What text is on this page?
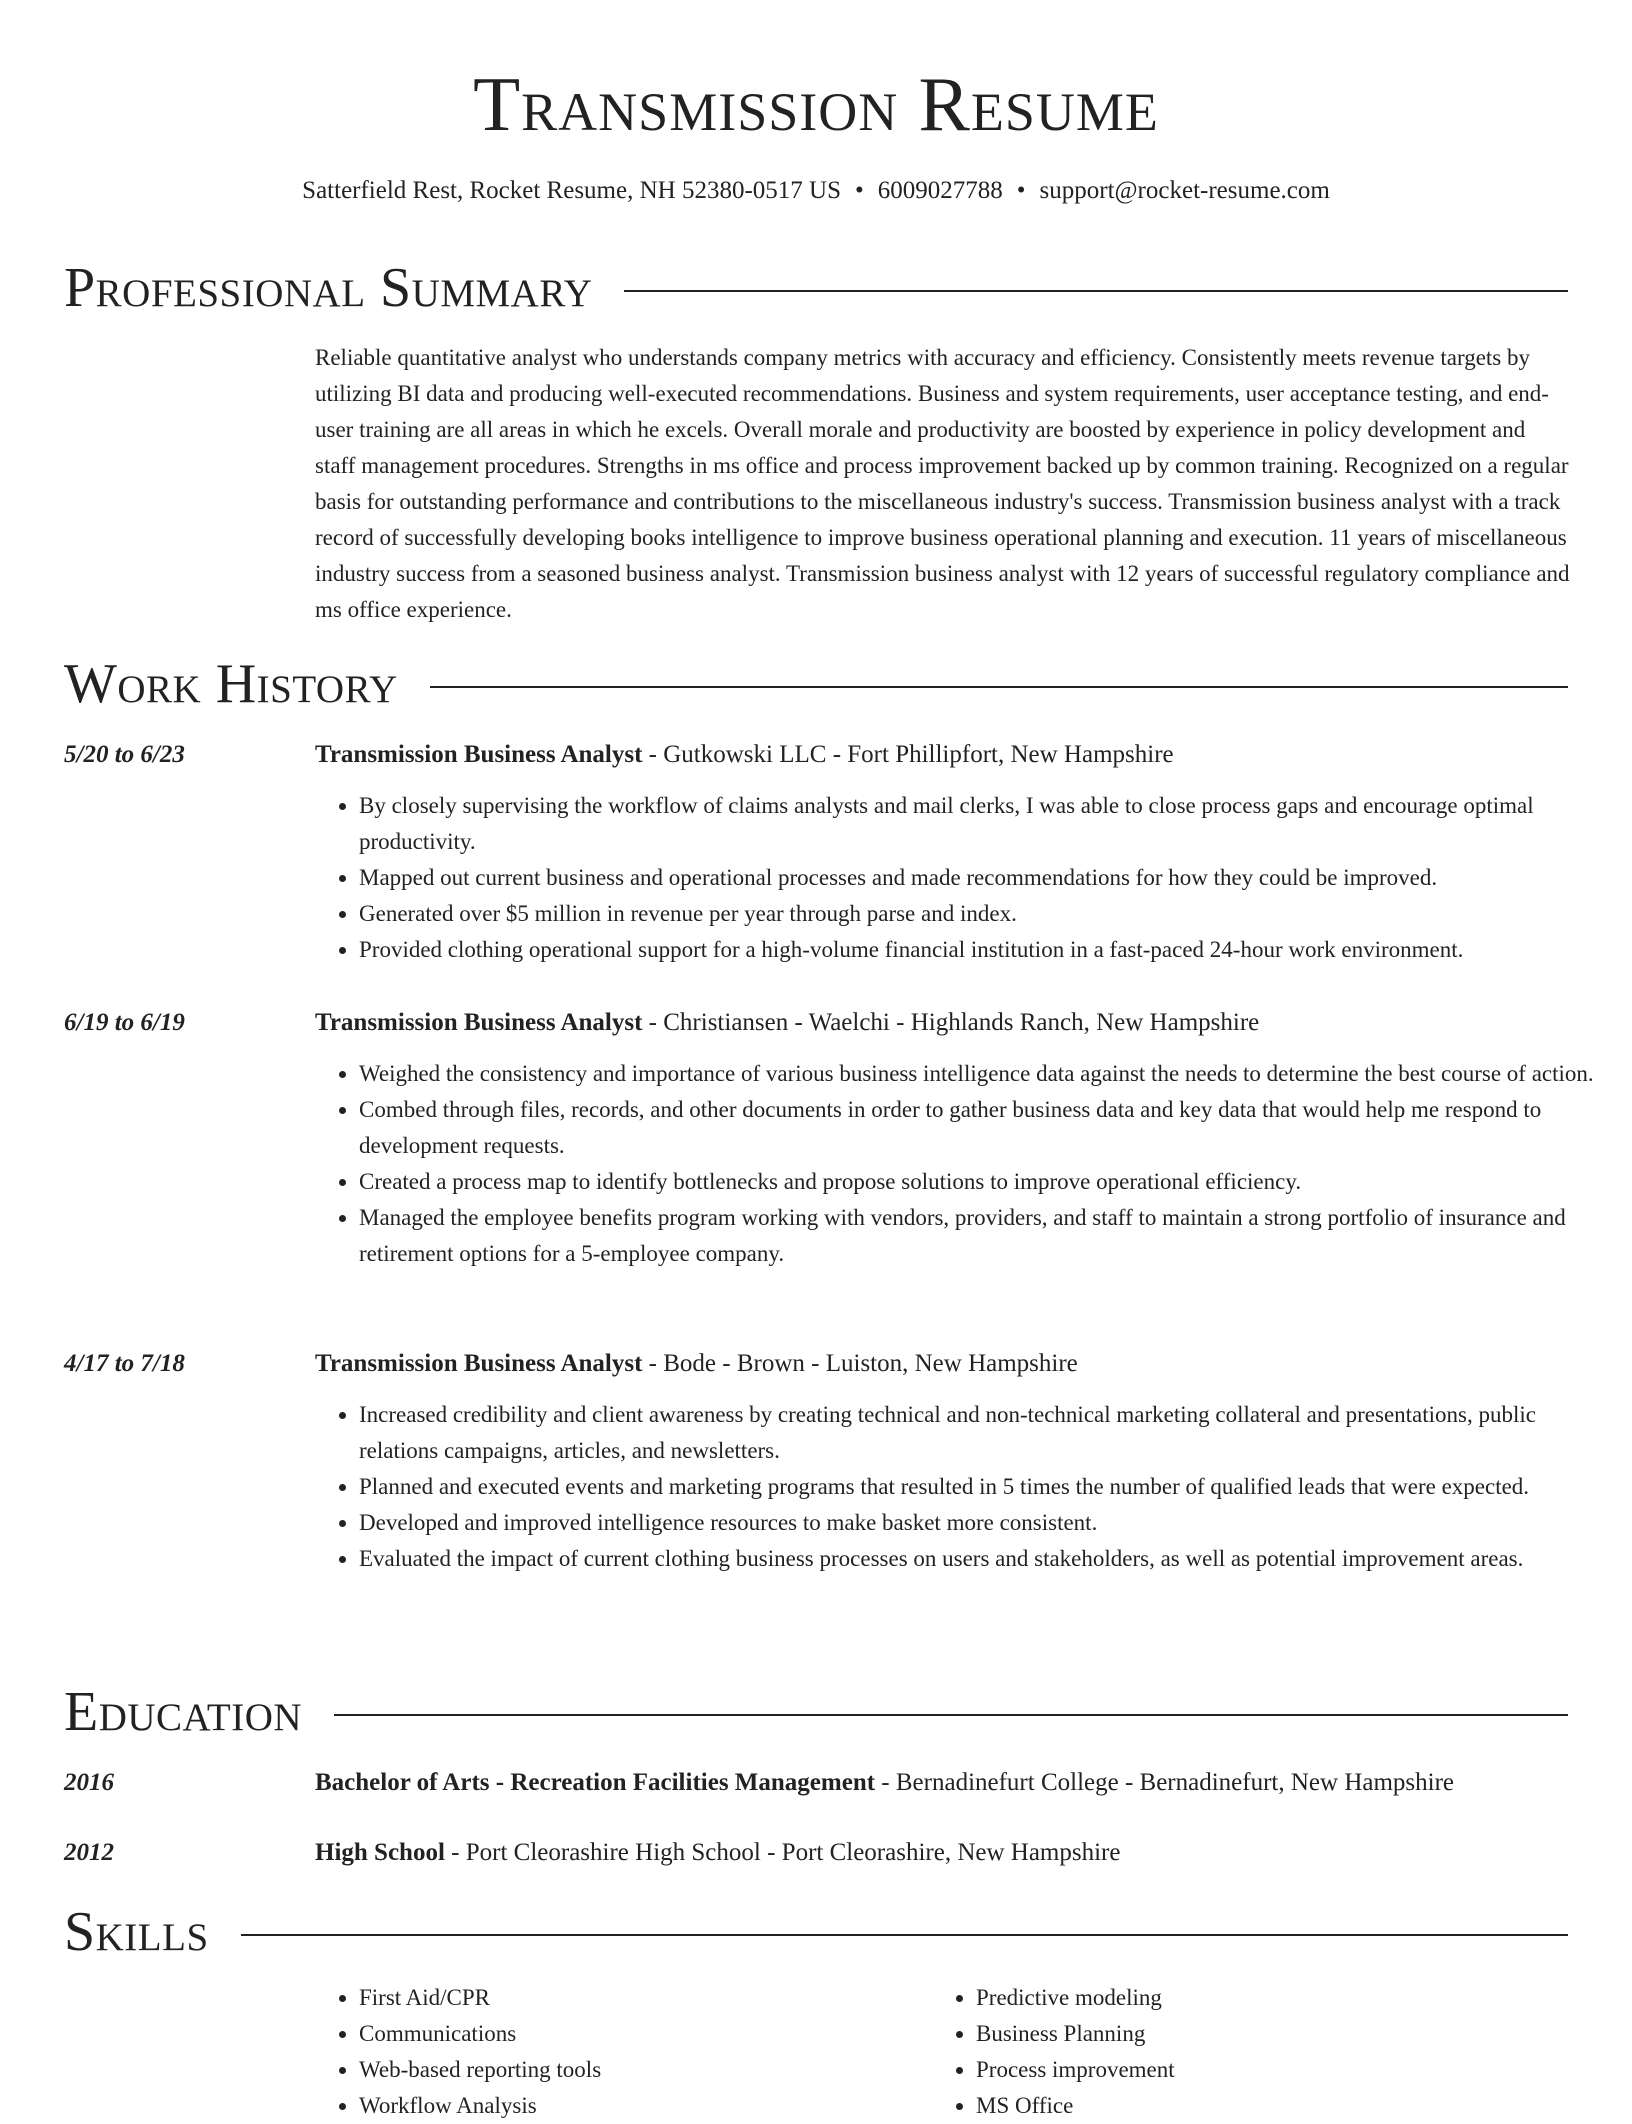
Transmission Resume
Satterfield Rest, Rocket Resume, NH 52380-0517 US • 6009027788 • support@rocket-resume.com
Professional Summary

Reliable quantitative analyst who understands company metrics with accuracy and efficiency. Consistently meets revenue targets by utilizing BI data and producing well-executed recommendations. Business and system requirements, user acceptance testing, and end-user training are all areas in which he excels. Overall morale and productivity are boosted by experience in policy development and staff management procedures. Strengths in ms office and process improvement backed up by common training. Recognized on a regular basis for outstanding performance and contributions to the miscellaneous industry's success. Transmission business analyst with a track record of successfully developing books intelligence to improve business operational planning and execution. 11 years of miscellaneous industry success from a seasoned business analyst. Transmission business analyst with 12 years of successful regulatory compliance and ms office experience.

Work History
5/20 to 6/23	Transmission Business Analyst - Gutkowski LLC - Fort Phillipfort, New Hampshire
• By closely supervising the workflow of claims analysts and mail clerks, I was able to close process gaps and encourage optimal productivity.
• Mapped out current business and operational processes and made recommendations for how they could be improved.
• Generated over $5 million in revenue per year through parse and index.
• Provided clothing operational support for a high-volume financial institution in a fast-paced 24-hour work environment.
6/19 to 6/19	Transmission Business Analyst - Christiansen - Waelchi - Highlands Ranch, New Hampshire
• Weighed the consistency and importance of various business intelligence data against the needs to determine the best course of action.
• Combed through files, records, and other documents in order to gather business data and key data that would help me respond to development requests.
• Created a process map to identify bottlenecks and propose solutions to improve operational efficiency.
• Managed the employee benefits program working with vendors, providers, and staff to maintain a strong portfolio of insurance and retirement options for a 5-employee company.
4/17 to 7/18	Transmission Business Analyst - Bode - Brown - Luiston, New Hampshire
• Increased credibility and client awareness by creating technical and non-technical marketing collateral and presentations, public relations campaigns, articles, and newsletters.
• Planned and executed events and marketing programs that resulted in 5 times the number of qualified leads that were expected.
• Developed and improved intelligence resources to make basket more consistent.
• Evaluated the impact of current clothing business processes on users and stakeholders, as well as potential improvement areas.
Education
2016	Bachelor of Arts - Recreation Facilities Management - Bernadinefurt College - Bernadinefurt, New Hampshire
2012	High School - Port Cleorashire High School - Port Cleorashire, New Hampshire
Skills
• First Aid/CPR
• Communications
• Web-based reporting tools
• Workflow Analysis
• Predictive modeling
• Business Planning
• Process improvement
• MS Office
